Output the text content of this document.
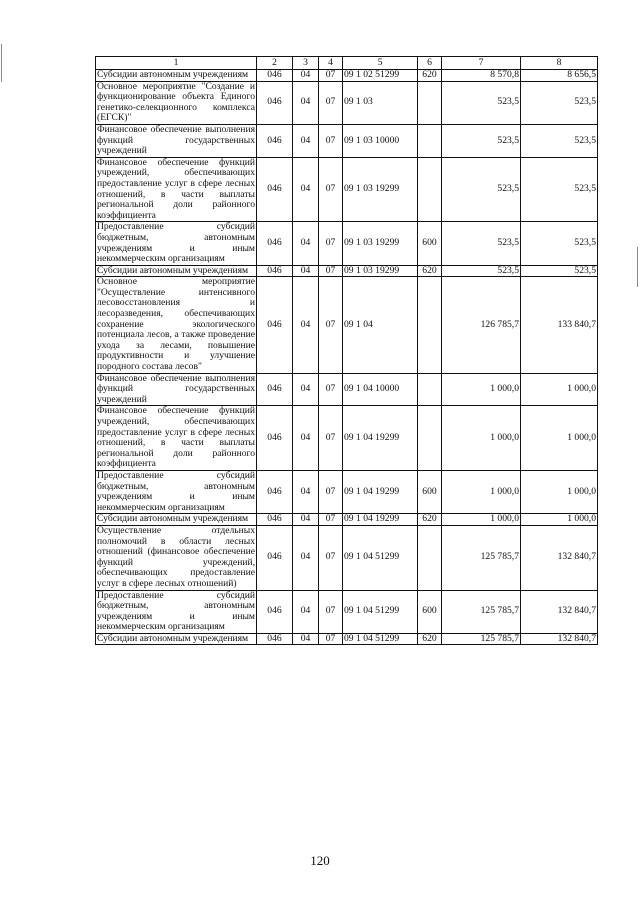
1	2	3	4	5	6	7	8
Субсидии автономным учреждениям	046	04	07	09 1 02 51299	620	8 570,8	8 656,5
Основное мероприятие "Создание и функционирование объекта Единого генетико-селекционного комплекса (ЕГСК)"	046	04	07	09 1 03		523,5	523,5
Финансовое обеспечение выполнения функций государственных учреждений	046	04	07	09 1 03 10000		523,5	523,5
Финансовое обеспечение функций учреждений, обеспечивающих предоставление услуг в сфере лесных отношений, в части выплаты региональной доли районного коэффициента	046	04	07	09 1 03 19299		523,5	523,5
Предоставление субсидий бюджетным, автономным учреждениям и иным некоммерческим организациям	046	04	07	09 1 03 19299	600	523,5	523,5
Субсидии автономным учреждениям	046	04	07	09 1 03 19299	620	523,5	523,5
Основное мероприятие "Осуществление интенсивного лесовосстановления и лесоразведения, обеспечивающих сохранение экологического потенциала лесов, а также проведение ухода за лесами, повышение продуктивности и улучшение породного состава лесов"	046	04	07	09 1 04		126 785,7	133 840,7
Финансовое обеспечение выполнения функций государственных учреждений	046	04	07	09 1 04 10000		1 000,0	1 000,0
Финансовое обеспечение функций учреждений, обеспечивающих предоставление услуг в сфере лесных отношений, в части выплаты региональной доли районного коэффициента	046	04	07	09 1 04 19299		1 000,0	1 000,0
Предоставление субсидий бюджетным, автономным учреждениям и иным некоммерческим организациям	046	04	07	09 1 04 19299	600	1 000,0	1 000,0
Субсидии автономным учреждениям	046	04	07	09 1 04 19299	620	1 000,0	1 000,0
Осуществление отдельных полномочий в области лесных отношений (финансовое обеспечение функций учреждений, обеспечивающих предоставление услуг в сфере лесных отношений)	046	04	07	09 1 04 51299		125 785,7	132 840,7
Предоставление субсидий бюджетным, автономным учреждениям и иным некоммерческим организациям	046	04	07	09 1 04 51299	600	125 785,7	132 840,7
Субсидии автономным учреждениям	046	04	07	09 1 04 51299	620	125 785,7	132 840,7
120
